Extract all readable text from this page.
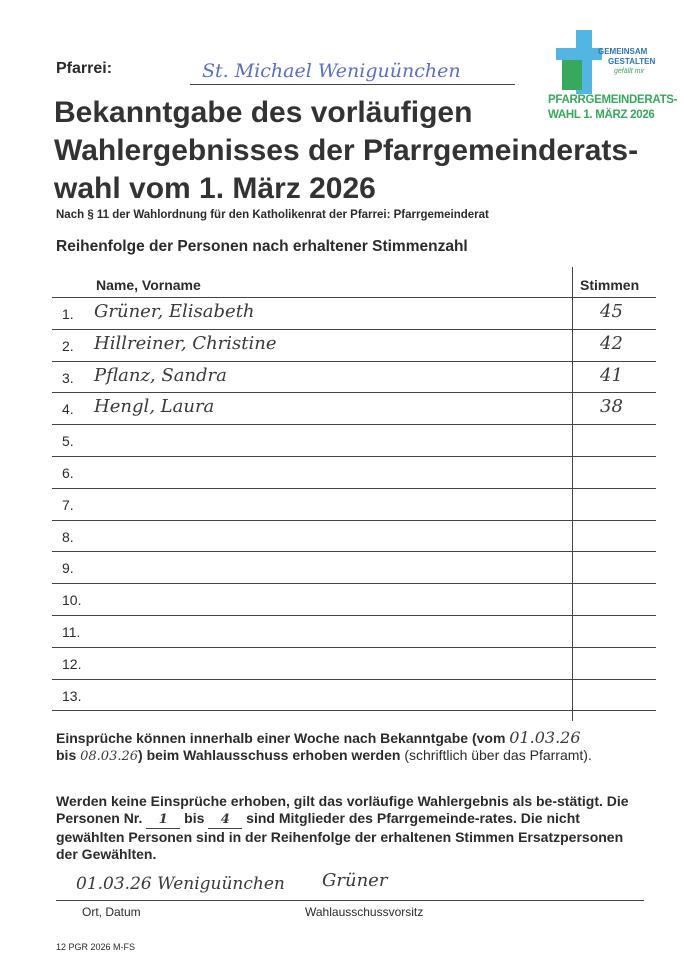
Pfarrei:	St. Michael Weniguünchen
GEMEINSAM
GESTALTEN
gefällt mir
PFARRGEMEINDERATS-
WAHL 1. MÄRZ 2026
Bekanntgabe des vorläufigen
Wahlergebnisses der Pfarrgemeinderats-
wahl vom 1. März 2026
Nach § 11 der Wahlordnung für den Katholikenrat der Pfarrei: Pfarrgemeinderat
Reihenfolge der Personen nach erhaltener Stimmenzahl
Name, Vorname	Stimmen
1. Grüner, Elisabeth	45
2. Hillreiner, Christine	42
3. Pflanz, Sandra	41
4. Hengl, Laura	38
5.
6.
7.
8.
9.
10.
11.
12.
13.
Einsprüche können innerhalb einer Woche nach Bekanntgabe (vom 01.03.26
bis 08.03.26) beim Wahlausschuss erhoben werden (schriftlich über das Pfarramt).
Werden keine Einsprüche erhoben, gilt das vorläufige Wahlergebnis als be-stätigt. Die Personen Nr. 1 bis 4 sind Mitglieder des Pfarrgemeinde-rates. Die nicht gewählten Personen sind in der Reihenfolge der erhaltenen Stimmen Ersatzpersonen der Gewählten.
01.03.26 Weniguünchen Grüner
Ort, Datum	Wahlausschussvorsitz
12 PGR 2026 M-FS
